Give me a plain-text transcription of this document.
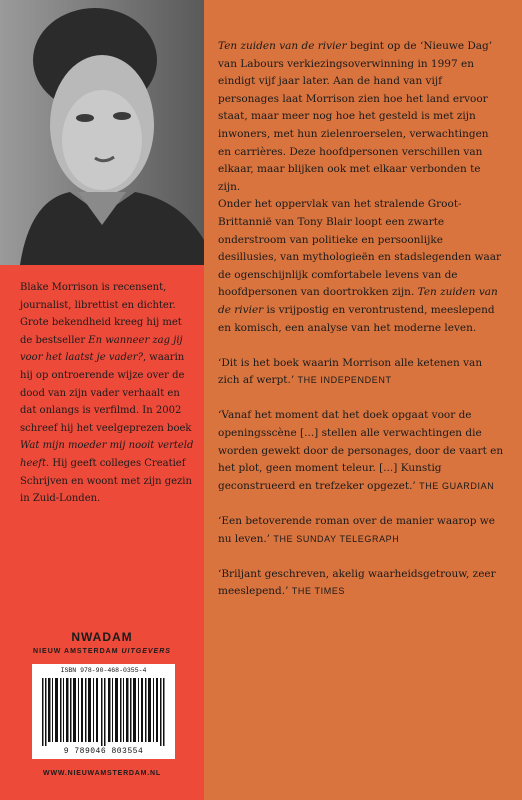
Blake Morrison is recensent, journalist, librettist en dichter. Grote bekendheid kreeg hij met de bestseller En wanneer zag jij voor het laatst je vader?, waarin hij op ontroerende wijze over de dood van zijn vader verhaalt en dat onlangs is verfilmd. In 2002 schreef hij het veelgeprezen boek Wat mijn moeder mij nooit verteld heeft. Hij geeft colleges Creatief Schrijven en woont met zijn gezin in Zuid-Londen.
NWADAM
NIEUW AMSTERDAM UITGEVERS
ISBN 978-90-468-0355-4
9 789046 803554
WWW.NIEUWAMSTERDAM.NL

Ten zuiden van de rivier begint op de ‘Nieuwe Dag’ van Labours verkiezingsoverwinning in 1997 en eindigt vijf jaar later. Aan de hand van vijf personages laat Morrison zien hoe het land ervoor staat, maar meer nog hoe het gesteld is met zijn inwoners, met hun zielenroerselen, verwachtingen en carrières. Deze hoofdpersonen verschillen van elkaar, maar blijken ook met elkaar verbonden te zijn.

Onder het oppervlak van het stralende Groot-Brittannië van Tony Blair loopt een zwarte onderstroom van politieke en persoonlijke desillusies, van mythologieën en stadslegenden waar de ogenschijnlijk comfortabele levens van de hoofdpersonen van doortrokken zijn. Ten zuiden van de rivier is vrijpostig en verontrustend, meeslepend en komisch, een analyse van het moderne leven.

‘Dit is het boek waarin Morrison alle ketenen van zich af werpt.’ THE INDEPENDENT

‘Vanaf het moment dat het doek opgaat voor de openingsscène [...] stellen alle verwachtingen die worden gewekt door de personages, door de vaart en het plot, geen moment teleur. [...] Kunstig geconstrueerd en trefzeker opgezet.’ THE GUARDIAN

‘Een betoverende roman over de manier waarop we nu leven.’ THE SUNDAY TELEGRAPH

‘Briljant geschreven, akelig waarheidsgetrouw, zeer meeslepend.’ THE TIMES
